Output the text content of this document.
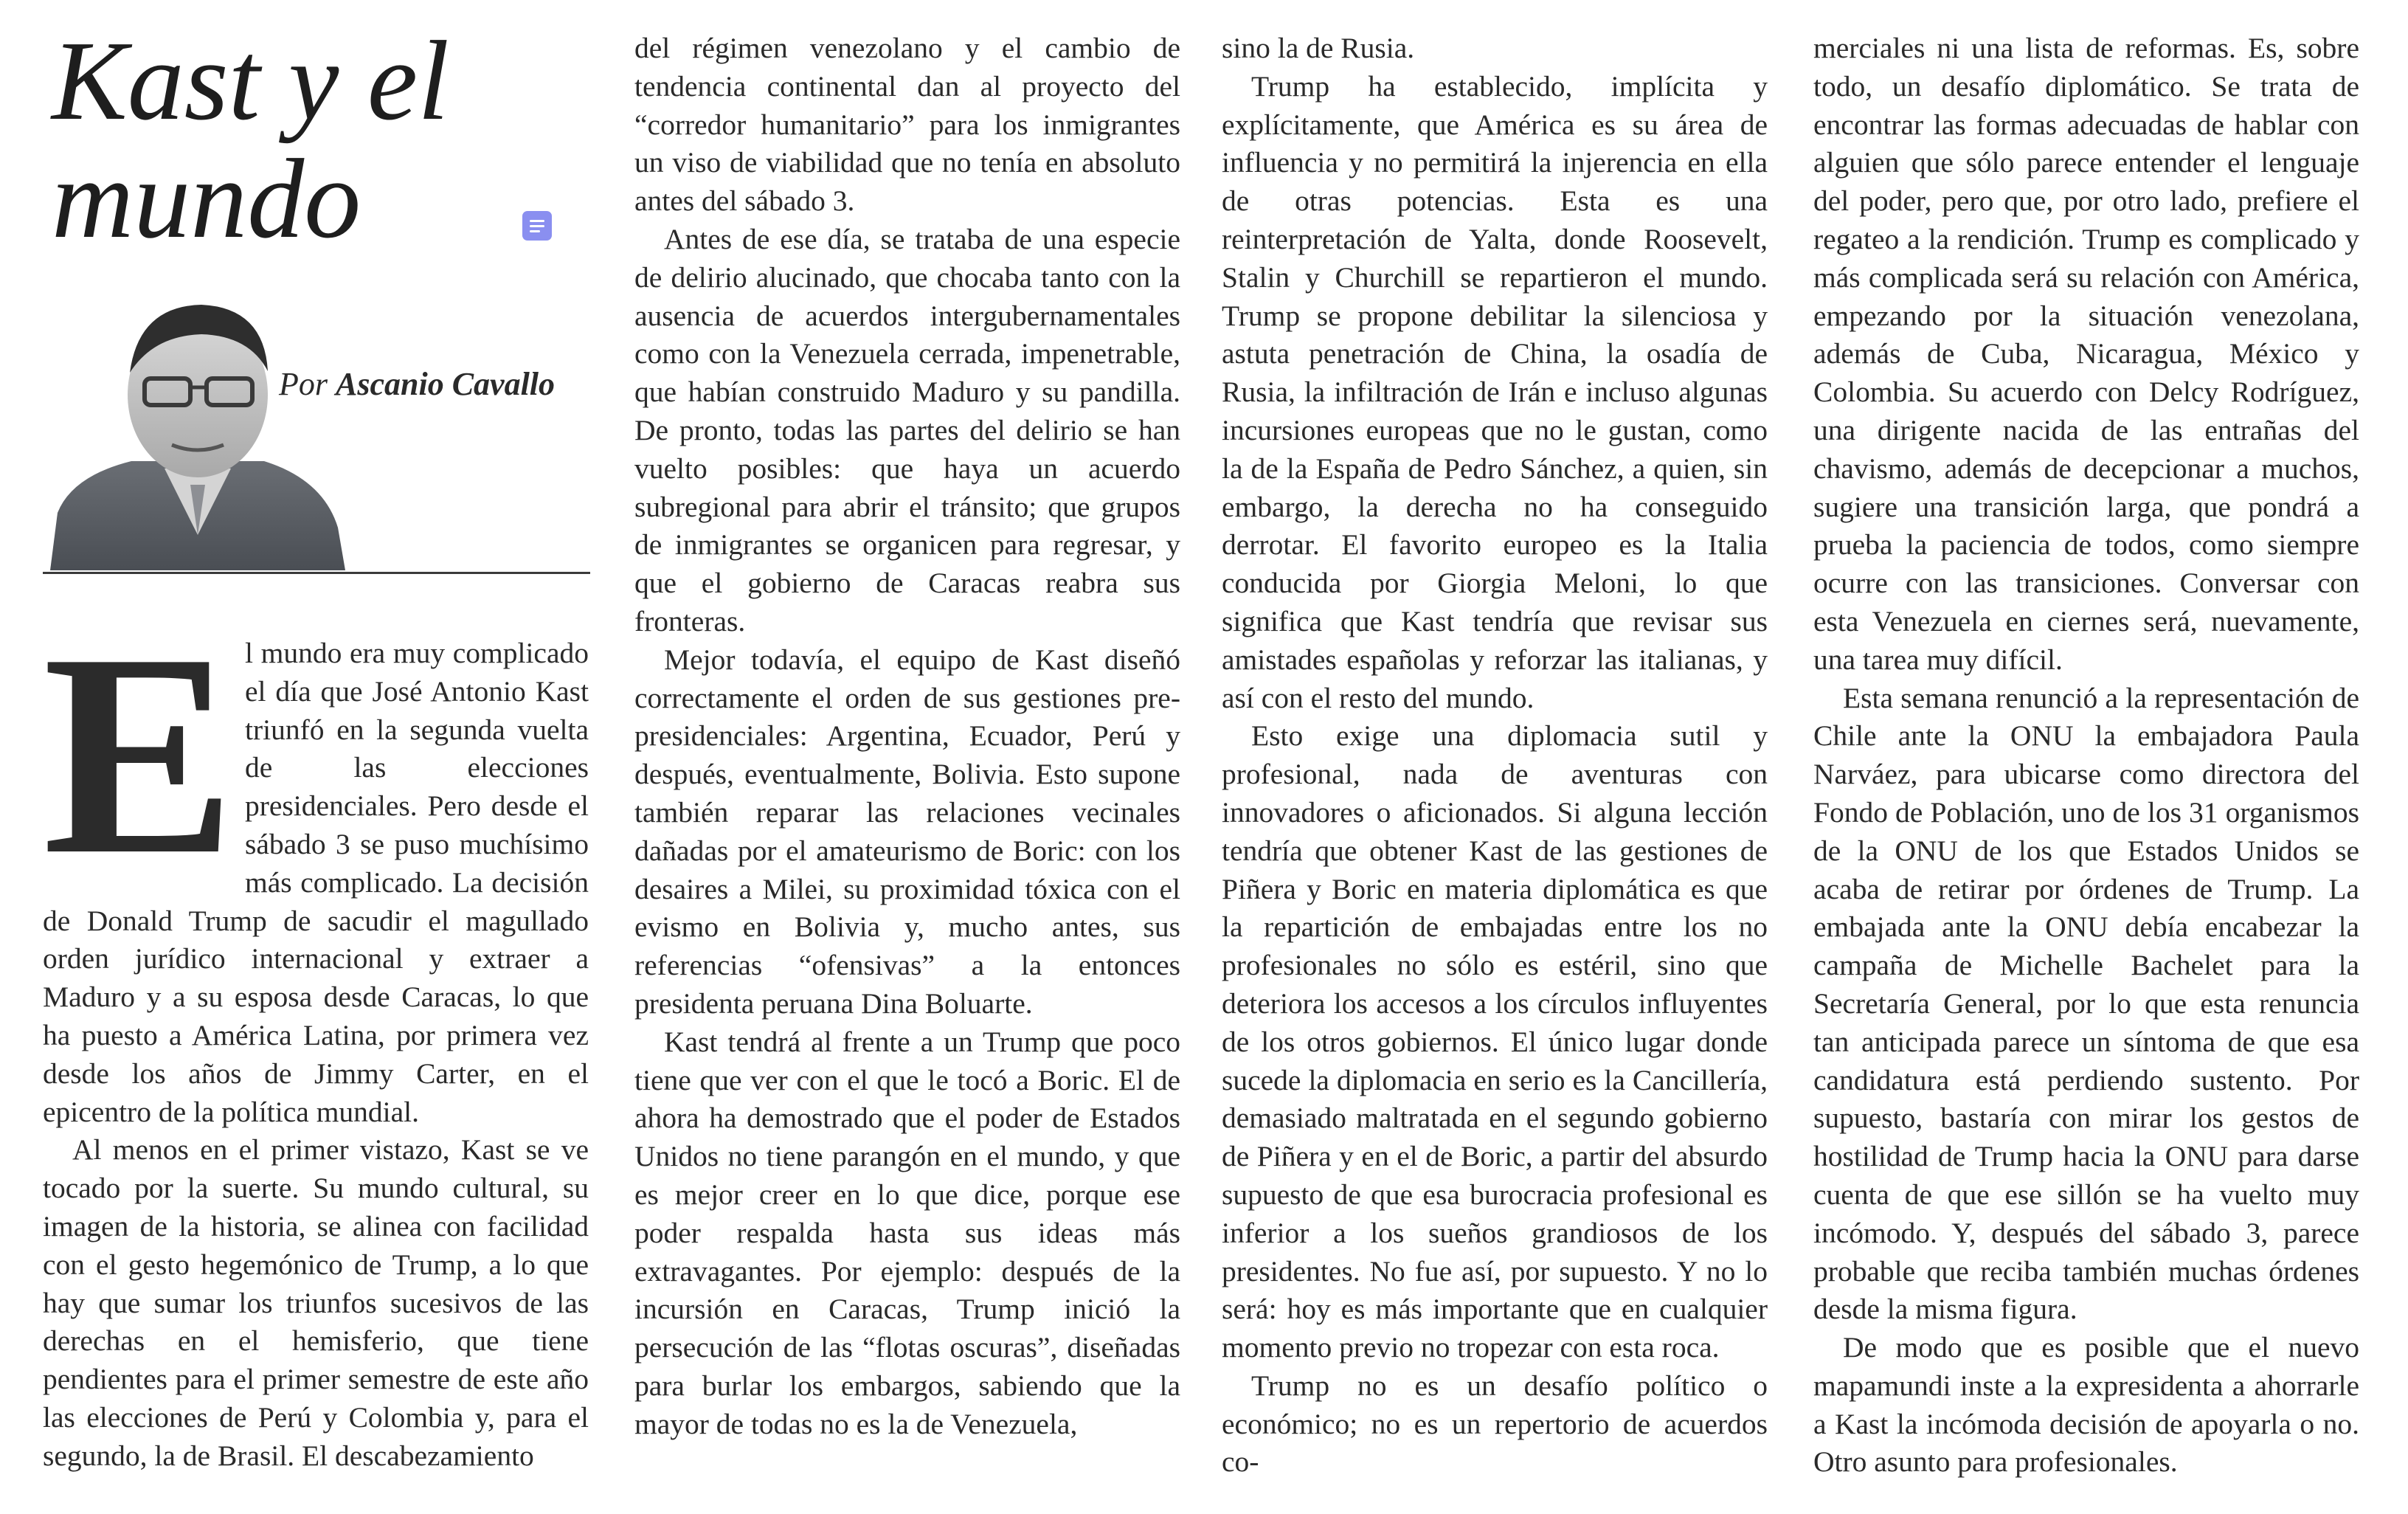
Kast y el
mundo
Por Ascanio Cavallo

El mundo era muy complicado el día que José Antonio Kast triunfó en la segunda vuelta de las elecciones presidenciales. Pero desde el sábado 3 se puso muchísimo más complicado. La decisión de Donald Trump de sacudir el magullado orden jurídico internacional y extraer a Maduro y a su esposa desde Caracas, lo que ha puesto a América Latina, por primera vez desde los años de Jimmy Carter, en el epicentro de la política mundial.

Al menos en el primer vistazo, Kast se ve tocado por la suerte. Su mundo cultural, su imagen de la historia, se alinea con facilidad con el gesto hegemónico de Trump, a lo que hay que sumar los triunfos sucesivos de las derechas en el hemisferio, que tiene pendientes para el primer semestre de este año las elecciones de Perú y Colombia y, para el segundo, la de Brasil. El descabezamiento

del régimen venezolano y el cambio de tendencia continental dan al proyecto del “corredor humanitario” para los inmigrantes un viso de viabilidad que no tenía en absoluto antes del sábado 3.

Antes de ese día, se trataba de una especie de delirio alucinado, que chocaba tanto con la ausencia de acuerdos intergubernamentales como con la Venezuela cerrada, impenetrable, que habían construido Maduro y su pandilla. De pronto, todas las partes del delirio se han vuelto posibles: que haya un acuerdo subregional para abrir el tránsito; que grupos de inmigrantes se organicen para regresar, y que el gobierno de Caracas reabra sus fronteras.

Mejor todavía, el equipo de Kast diseñó correctamente el orden de sus gestiones pre-presidenciales: Argentina, Ecuador, Perú y después, eventualmente, Bolivia. Esto supone también reparar las relaciones vecinales dañadas por el amateurismo de Boric: con los desaires a Milei, su proximidad tóxica con el evismo en Bolivia y, mucho antes, sus referencias “ofensivas” a la entonces presidenta peruana Dina Boluarte.

Kast tendrá al frente a un Trump que poco tiene que ver con el que le tocó a Boric. El de ahora ha demostrado que el poder de Estados Unidos no tiene parangón en el mundo, y que es mejor creer en lo que dice, porque ese poder respalda hasta sus ideas más extravagantes. Por ejemplo: después de la incursión en Caracas, Trump inició la persecución de las “flotas oscuras”, diseñadas para burlar los embargos, sabiendo que la mayor de todas no es la de Venezuela,

sino la de Rusia.

Trump ha establecido, implícita y explícitamente, que América es su área de influencia y no permitirá la injerencia en ella de otras potencias. Esta es una reinterpretación de Yalta, donde Roosevelt, Stalin y Churchill se repartieron el mundo. Trump se propone debilitar la silenciosa y astuta penetración de China, la osadía de Rusia, la infiltración de Irán e incluso algunas incursiones europeas que no le gustan, como la de la España de Pedro Sánchez, a quien, sin embargo, la derecha no ha conseguido derrotar. El favorito europeo es la Italia conducida por Giorgia Meloni, lo que significa que Kast tendría que revisar sus amistades españolas y reforzar las italianas, y así con el resto del mundo.

Esto exige una diplomacia sutil y profesional, nada de aventuras con innovadores o aficionados. Si alguna lección tendría que obtener Kast de las gestiones de Piñera y Boric en materia diplomática es que la repartición de embajadas entre los no profesionales no sólo es estéril, sino que deteriora los accesos a los círculos influyentes de los otros gobiernos. El único lugar donde sucede la diplomacia en serio es la Cancillería, demasiado maltratada en el segundo gobierno de Piñera y en el de Boric, a partir del absurdo supuesto de que esa burocracia profesional es inferior a los sueños grandiosos de los presidentes. No fue así, por supuesto. Y no lo será: hoy es más importante que en cualquier momento previo no tropezar con esta roca.

Trump no es un desafío político o económico; no es un repertorio de acuerdos co-

merciales ni una lista de reformas. Es, sobre todo, un desafío diplomático. Se trata de encontrar las formas adecuadas de hablar con alguien que sólo parece entender el lenguaje del poder, pero que, por otro lado, prefiere el regateo a la rendición. Trump es complicado y más complicada será su relación con América, empezando por la situación venezolana, además de Cuba, Nicaragua, México y Colombia. Su acuerdo con Delcy Rodríguez, una dirigente nacida de las entrañas del chavismo, además de decepcionar a muchos, sugiere una transición larga, que pondrá a prueba la paciencia de todos, como siempre ocurre con las transiciones. Conversar con esta Venezuela en ciernes será, nuevamente, una tarea muy difícil.

Esta semana renunció a la representación de Chile ante la ONU la embajadora Paula Narváez, para ubicarse como directora del Fondo de Población, uno de los 31 organismos de la ONU de los que Estados Unidos se acaba de retirar por órdenes de Trump. La embajada ante la ONU debía encabezar la campaña de Michelle Bachelet para la Secretaría General, por lo que esta renuncia tan anticipada parece un síntoma de que esa candidatura está perdiendo sustento. Por supuesto, bastaría con mirar los gestos de hostilidad de Trump hacia la ONU para darse cuenta de que ese sillón se ha vuelto muy incómodo. Y, después del sábado 3, parece probable que reciba también muchas órdenes desde la misma figura.

De modo que es posible que el nuevo mapamundi inste a la expresidenta a ahorrarle a Kast la incómoda decisión de apoyarla o no. Otro asunto para profesionales.
